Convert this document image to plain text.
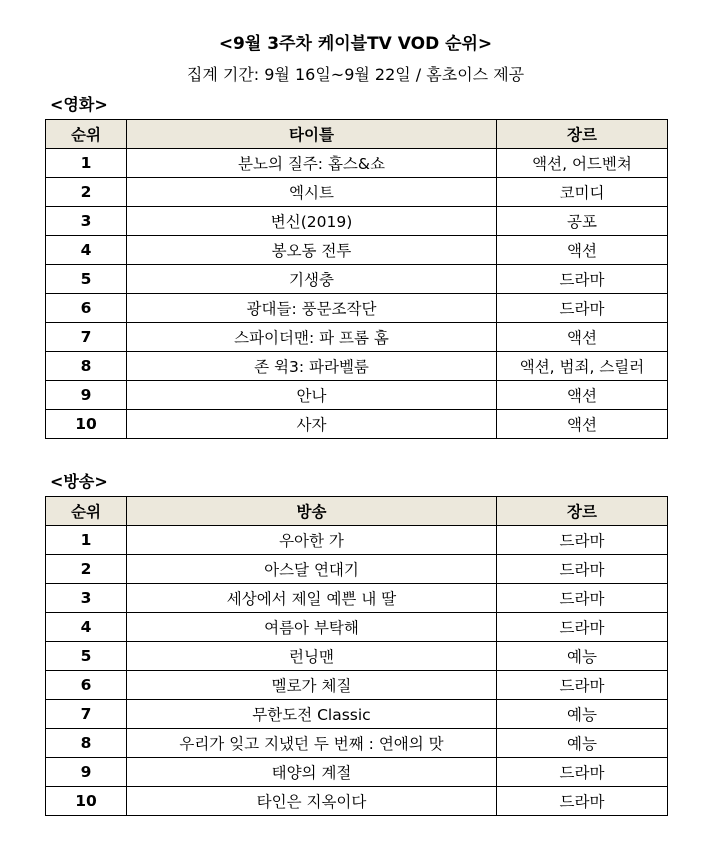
<9월 3주차 케이블TV VOD 순위>
집계 기간: 9월 16일~9월 22일 / 홈초이스 제공
<영화>
순위	타이틀	장르
1	분노의 질주: 홉스&쇼	액션, 어드벤쳐
2	엑시트	코미디
3	변신(2019)	공포
4	봉오동 전투	액션
5	기생충	드라마
6	광대들: 풍문조작단	드라마
7	스파이더맨: 파 프롬 홈	액션
8	존 윅3: 파라벨룸	액션, 범죄, 스릴러
9	안나	액션
10	사자	액션
<방송>
순위	방송	장르
1	우아한 가	드라마
2	아스달 연대기	드라마
3	세상에서 제일 예쁜 내 딸	드라마
4	여름아 부탁해	드라마
5	런닝맨	예능
6	멜로가 체질	드라마
7	무한도전 Classic	예능
8	우리가 잊고 지냈던 두 번째 : 연애의 맛	예능
9	태양의 계절	드라마
10	타인은 지옥이다	드라마
